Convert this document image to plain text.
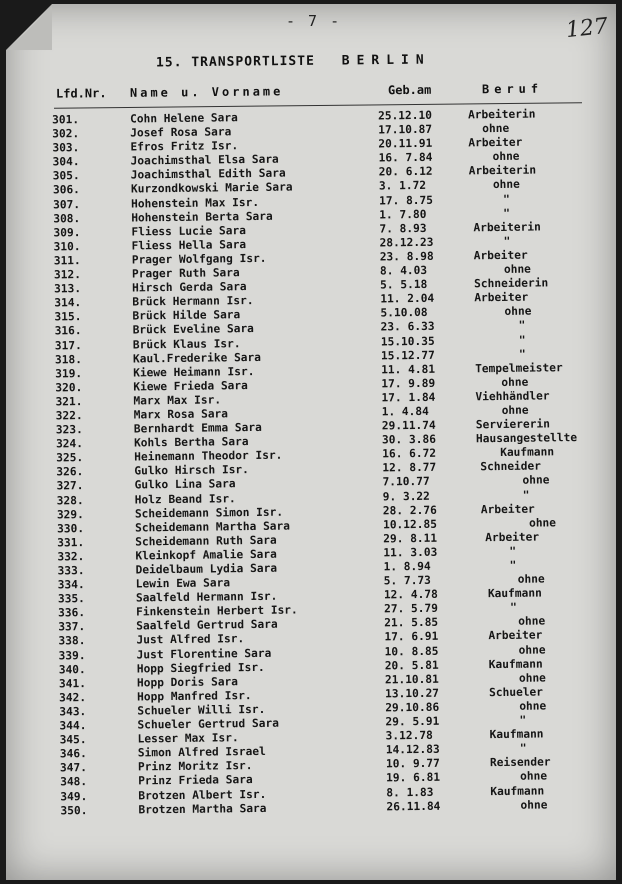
- 7 -	127
15. TRANSPORTLISTE BERLIN
Lfd.Nr. Name u. Vorname	Geb.am	Beruf
301.	Cohn Helene Sara	25.12.10	Arbeiterin
302.	Josef Rosa Sara	17.10.87	ohne
303.	Efros Fritz Isr.	20.11.91	Arbeiter
304.	Joachimsthal Elsa Sara	16. 7.84	ohne
305.	Joachimsthal Edith Sara	20. 6.12	Arbeiterin
306.	Kurzondkowski Marie Sara	3. 1.72	ohne
307.	Hohenstein Max Isr.	17. 8.75	"
308.	Hohenstein Berta Sara	1. 7.80	"
309.	Fliess Lucie Sara	7. 8.93	Arbeiterin
310.	Fliess Hella Sara	28.12.23	"
311.	Prager Wolfgang Isr.	23. 8.98	Arbeiter
312.	Prager Ruth Sara	8. 4.03	ohne
313.	Hirsch Gerda Sara	5. 5.18	Schneiderin
314.	Brück Hermann Isr.	11. 2.04	Arbeiter
315.	Brück Hilde Sara	5.10.08	ohne
316.	Brück Eveline Sara	23. 6.33	"
317.	Brück Klaus Isr.	15.10.35	"
318.	Kaul.Frederike Sara	15.12.77	"
319.	Kiewe Heimann Isr.	11. 4.81	Tempelmeister
320.	Kiewe Frieda Sara	17. 9.89	ohne
321.	Marx Max Isr.	17. 1.84	Viehhändler
322.	Marx Rosa Sara	1. 4.84	ohne
323.	Bernhardt Emma Sara	29.11.74	Serviererin
324.	Kohls Bertha Sara	30. 3.86	Hausangestellte
325.	Heinemann Theodor Isr.	16. 6.72	Kaufmann
326.	Gulko Hirsch Isr.	12. 8.77	Schneider
327.	Gulko Lina Sara	7.10.77	ohne
328.	Holz Beand Isr.	9. 3.22	"
329.	Scheidemann Simon Isr.	28. 2.76	Arbeiter
330.	Scheidemann Martha Sara	10.12.85	ohne
331.	Scheidemann Ruth Sara	29. 8.11	Arbeiter
332.	Kleinkopf Amalie Sara	11. 3.03	"
333.	Deidelbaum Lydia Sara	1. 8.94	"
334.	Lewin Ewa Sara	5. 7.73	ohne
335.	Saalfeld Hermann Isr.	12. 4.78	Kaufmann
336.	Finkenstein Herbert Isr.	27. 5.79	"
337.	Saalfeld Gertrud Sara	21. 5.85	ohne
338.	Just Alfred Isr.	17. 6.91	Arbeiter
339.	Just Florentine Sara	10. 8.85	ohne
340.	Hopp Siegfried Isr.	20. 5.81	Kaufmann
341.	Hopp Doris Sara	21.10.81	ohne
342.	Hopp Manfred Isr.	13.10.27	Schueler
343.	Schueler Willi Isr.	29.10.86	ohne
344.	Schueler Gertrud Sara	29. 5.91	"
345.	Lesser Max Isr.	3.12.78	Kaufmann
346.	Simon Alfred Israel	14.12.83	"
347.	Prinz Moritz Isr.	10. 9.77	Reisender
348.	Prinz Frieda Sara	19. 6.81	ohne
349.	Brotzen Albert Isr.	8. 1.83	Kaufmann
350.	Brotzen Martha Sara	26.11.84	ohne
